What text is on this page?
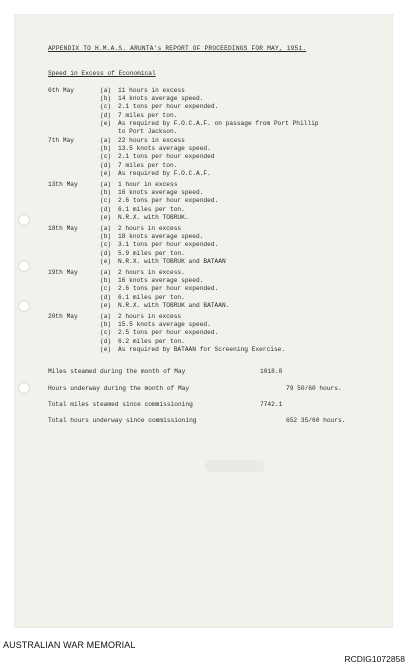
APPENDIX TO H.M.A.S. ARUNTA's REPORT OF PROCEEDINGS FOR MAY, 1951.
Speed in Excess of Economical
6th May	(a) 11 hours in excess
(b) 14 knots average speed.
(c) 2.1 tons per hour expended.
(d) 7 miles per ton.
(e) As required by F.O.C.A.F. on passage from Port Phillip
to Port Jackson.
7th May	(a) 22 hours in excess
(b) 13.5 knots average speed.
(c) 2.1 tons per hour expended
(d) 7 miles per ton.
(e) As required by F.O.C.A.F.
13th May	(a) 1 hour in excess
(b) 16 knots average speed.
(c) 2.6 tons per hour expended.
(d) 6.1 miles per ton.
(e) N.R.X. with TOBRUK.
18th May	(a) 2 hours in excess
(b) 18 knots average speed.
(c) 3.1 tons per hour expended.
(d) 5.9 miles per ton.
(e) N.R.X. with TOBRUK and BATAAN
19th May	(a) 2 hours in excess.
(b) 16 knots average speed.
(c) 2.6 tons per hour expended.
(d) 6.1 miles per ton.
(e) N.R.X. with TOBRUK and BATAAN.
20th May	(a) 2 hours in excess
(b) 15.5 knots average speed.
(c) 2.5 tons per hour expended.
(d) 6.2 miles per ton.
(e) As required by BATAAN for Screening Exercise.
Miles steamed during the month of May	1018.8
Hours underway during the month of May	79 50/60 hours.
Total miles steamed since commissioning	7742.1
Total hours underway since commissioning	652 35/60 hours.
AUSTRALIAN WAR MEMORIAL
RCDIG1072858
